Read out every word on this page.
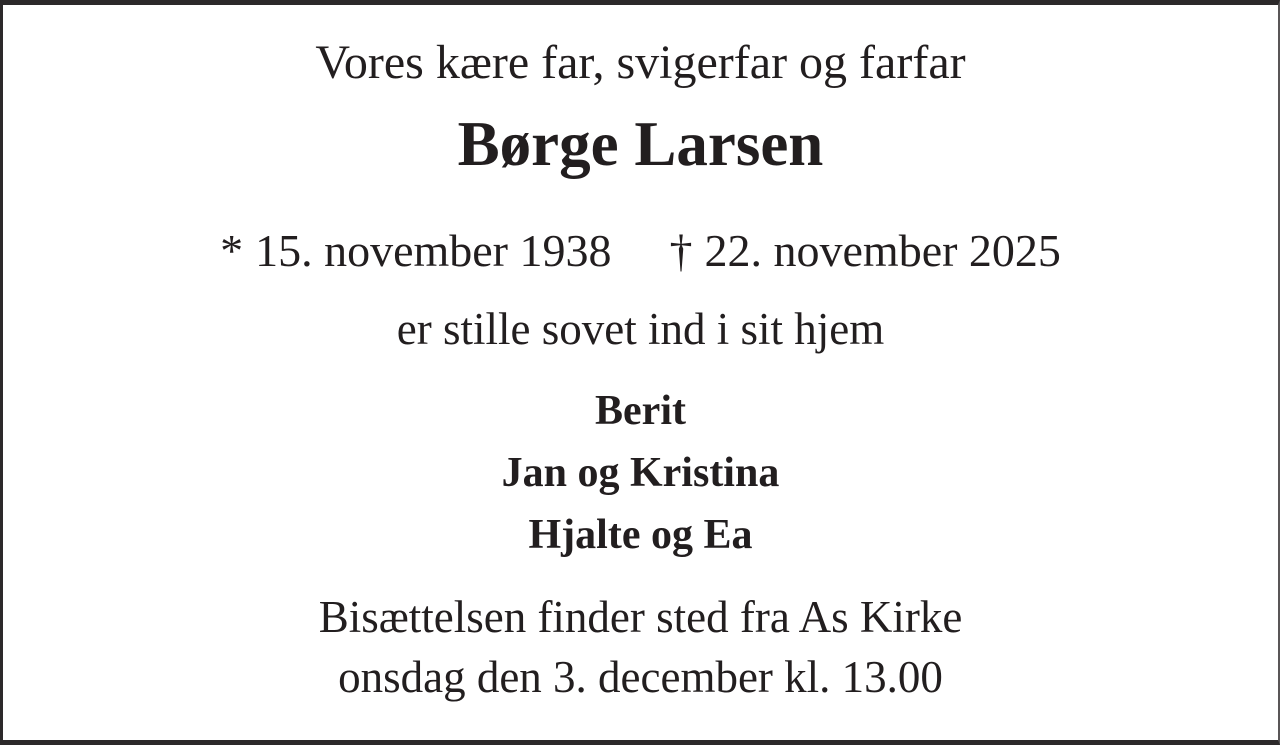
Vores kære far, svigerfar og farfar
Børge Larsen
* 15. november 1938 † 22. november 2025
er stille sovet ind i sit hjem
Berit
Jan og Kristina
Hjalte og Ea
Bisættelsen finder sted fra As Kirke
onsdag den 3. december kl. 13.00
